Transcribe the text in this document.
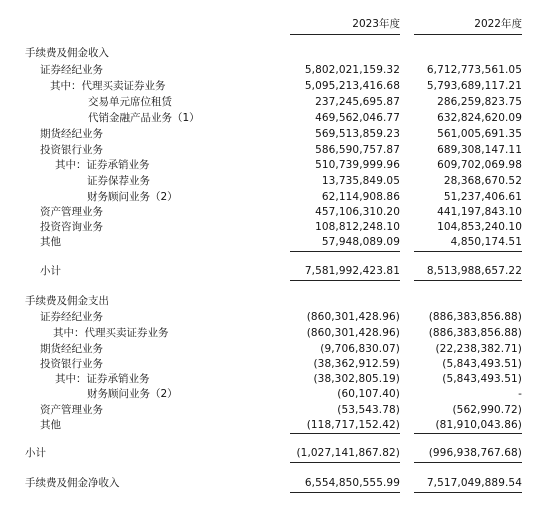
2023年度	2022年度
手续费及佣金收入
证券经纪业务	5,802,021,159.32	6,712,773,561.05
其中：代理买卖证券业务	5,095,213,416.68	5,793,689,117.21
交易单元席位租赁	237,245,695.87	286,259,823.75
代销金融产品业务（1）	469,562,046.77	632,824,620.09
期货经纪业务	569,513,859.23	561,005,691.35
投资银行业务	586,590,757.87	689,308,147.11
其中：证券承销业务	510,739,999.96	609,702,069.98
证券保荐业务	13,735,849.05	28,368,670.52
财务顾问业务（2）	62,114,908.86	51,237,406.61
资产管理业务	457,106,310.20	441,197,843.10
投资咨询业务	108,812,248.10	104,853,240.10
其他	57,948,089.09	4,850,174.51
小计	7,581,992,423.81	8,513,988,657.22
手续费及佣金支出
证券经纪业务	(860,301,428.96)	(886,383,856.88)
其中：代理买卖证券业务	(860,301,428.96)	(886,383,856.88)
期货经纪业务	(9,706,830.07)	(22,238,382.71)
投资银行业务	(38,362,912.59)	(5,843,493.51)
其中：证券承销业务	(38,302,805.19)	(5,843,493.51)
财务顾问业务（2）	(60,107.40)	-
资产管理业务	(53,543.78)	(562,990.72)
其他	(118,717,152.42)	(81,910,043.86)
小计	(1,027,141,867.82)	(996,938,767.68)
手续费及佣金净收入	6,554,850,555.99	7,517,049,889.54
